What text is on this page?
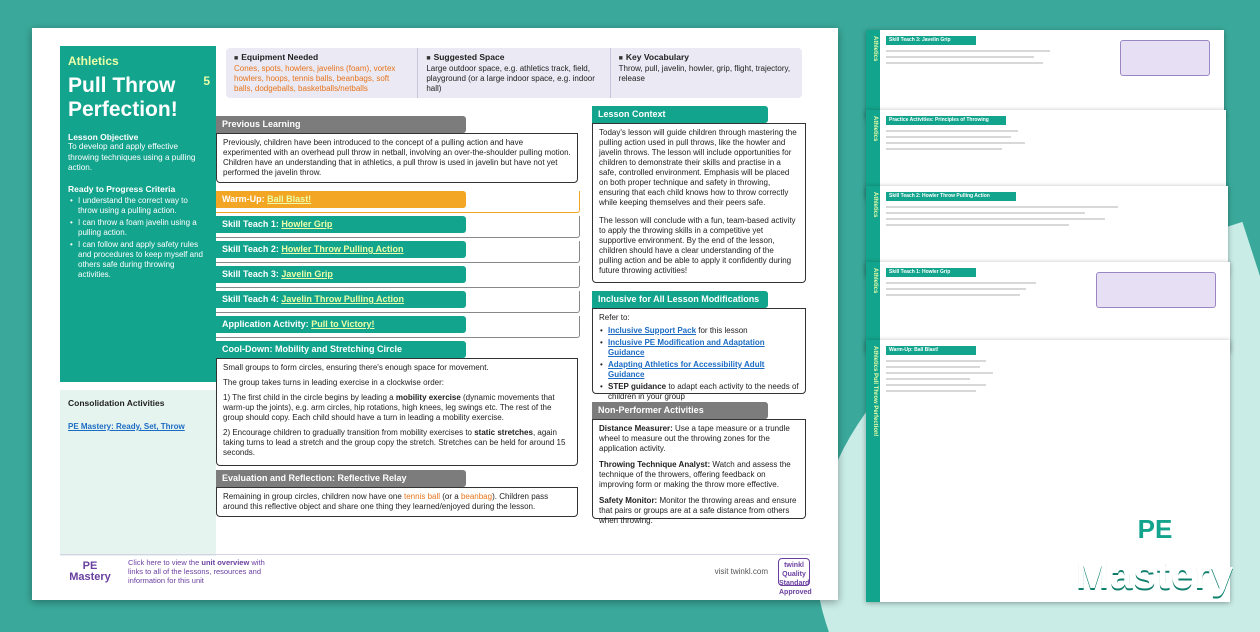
Athletics	Skill Teach 3: Javelin Grip
Athletics	Practice Activities: Principles of Throwing
Athletics	Skill Teach 2: Howler Throw Pulling Action
Athletics	Skill Teach 1: Howler Grip
Athletics Pull Throw Perfection!	Warm-Up: Ball Blast!
PE
Mastery
Athletics
5
Pull Throw Perfection!
Lesson Objective
To develop and apply effective throwing techniques using a pulling action.
Ready to Progress Criteria
• I understand the correct way to throw using a pulling action.
• I can throw a foam javelin using a pulling action.
• I can follow and apply safety rules and procedures to keep myself and others safe during throwing activities.
Consolidation Activities
PE Mastery: Ready, Set, Throw
■ Equipment Needed
Cones, spots, howlers, javelins (foam), vortex howlers, hoops, tennis balls, beanbags, soft balls, dodgeballs, basketballs/netballs
■ Suggested Space
Large outdoor space, e.g. athletics track, field, playground (or a large indoor space, e.g. indoor hall)
■ Key Vocabulary
Throw, pull, javelin, howler, grip, flight, trajectory, release
Previous Learning
Previously, children have been introduced to the concept of a pulling action and have experimented with an overhead pull throw in netball, involving an over-the-shoulder pulling motion. Children have an understanding that in athletics, a pull throw is used in javelin but have not yet performed the javelin throw.
Warm-Up: Ball Blast!
Skill Teach 1: Howler Grip
Skill Teach 2: Howler Throw Pulling Action
Skill Teach 3: Javelin Grip
Skill Teach 4: Javelin Throw Pulling Action
Application Activity: Pull to Victory!
Cool-Down: Mobility and Stretching Circle

Small groups to form circles, ensuring there's enough space for movement.

The group takes turns in leading exercise in a clockwise order:

1) The first child in the circle begins by leading a mobility exercise (dynamic movements that warm-up the joints), e.g. arm circles, hip rotations, high knees, leg swings etc. The rest of the group should copy. Each child should have a turn in leading a mobility exercise.

2) Encourage children to gradually transition from mobility exercises to static stretches, again taking turns to lead a stretch and the group copy the stretch. Stretches can be held for around 15 seconds.

Evaluation and Reflection: Reflective Relay
Remaining in group circles, children now have one tennis ball (or a beanbag). Children pass around this reflective object and share one thing they learned/enjoyed during the lesson.
Lesson Context

Today's lesson will guide children through mastering the pulling action used in pull throws, like the howler and javelin throws. The lesson will include opportunities for children to demonstrate their skills and practise in a safe, controlled environment. Emphasis will be placed on both proper technique and safety in throwing, ensuring that each child knows how to throw correctly while keeping themselves and their peers safe.

The lesson will conclude with a fun, team-based activity to apply the throwing skills in a competitive yet supportive environment. By the end of the lesson, children should have a clear understanding of the pulling action and be able to apply it confidently during future throwing activities!

Inclusive for All Lesson Modifications

Refer to:

• Inclusive Support Pack for this lesson
• Inclusive PE Modification and Adaptation Guidance
• Adapting Athletics for Accessibility Adult Guidance
• STEP guidance to adapt each activity to the needs of children in your group
Non-Performer Activities

Distance Measurer: Use a tape measure or a trundle wheel to measure out the throwing zones for the application activity.

Throwing Technique Analyst: Watch and assess the technique of the throwers, offering feedback on improving form or making the throw more effective.

Safety Monitor: Monitor the throwing areas and ensure that pairs or groups are at a safe distance from others when throwing.

PE
Mastery
Click here to view the unit overview with links to all of the lessons, resources and information for this unit
visit twinkl.com
twinkl Quality Standard Approved
